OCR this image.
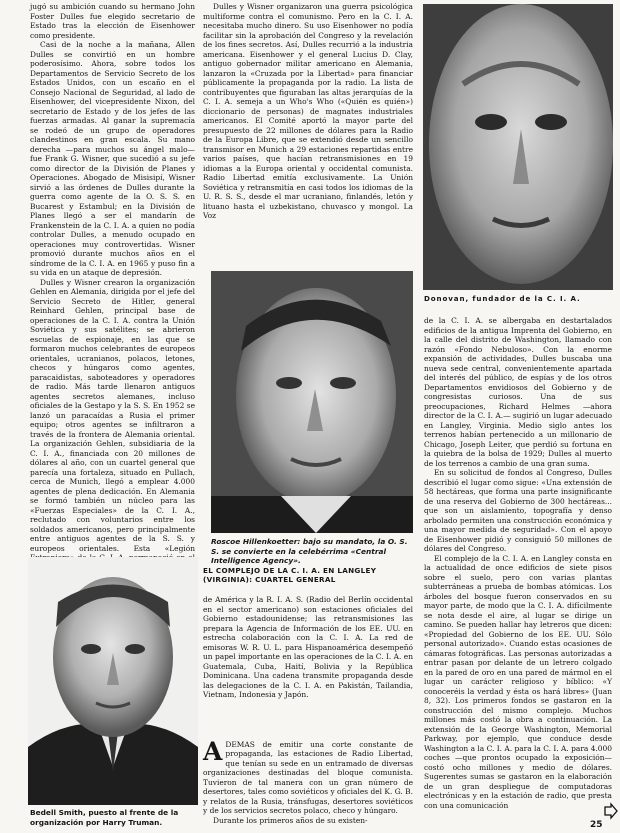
jugó su ambición cuando su hermano John Foster Dulles fue elegido secretario de Estado tras la elección de Eisenhower como presidente.

Casi de la noche a la mañana, Allen Dulles se convirtió en un hombre poderosísimo. Ahora, sobre todos los Departamentos de Servicio Secreto de los Estados Unidos, con un escaño en el Consejo Nacional de Seguridad, al lado de Eisenhower, del vicepresidente Nixon, del secretario de Estado y de los jefes de las fuerzas armadas. Al ganar la supremacía se rodeó de un grupo de operadores clandestinos en gran escala. Su mano derecha —para muchos su ángel malo— fue Frank G. Wisner, que sucedió a su jefe como director de la División de Planes y Operaciones. Abogado de Misisipí, Wisner sirvió a las órdenes de Dulles durante la guerra como agente de la O. S. S. en Bucarest y Estambul; en la División de Planes llegó a ser el mandarín de Frankenstein de la C. I. A. a quien no podía controlar Dulles, a menudo ocupado en operaciones muy controvertidas. Wisner promovió durante muchos años en el síndrome de la C. I. A. en 1965 y puso fin a su vida en un ataque de depresión.

Dulles y Wisner crearon la organización Gehlen en Alemania, dirigida por el jefe del Servicio Secreto de Hitler, general Reinhard Gehlen, principal base de operaciones de la C. I. A. contra la Unión Soviética y sus satélites; se abrieron escuelas de espionaje, en las que se formaron muchos celebrantes de europeos orientales, ucranianos, polacos, letones, checos y húngaros como agentes, paracaidistas, saboteadores y operadores de radio. Más tarde llenaron antiguos agentes secretos alemanes, incluso oficiales de la Gestapo y la S. S. En 1952 se lanzó un paracaídas a Rusia el primer equipo; otros agentes se infiltraron a través de la frontera de Alemania oriental. La organización Gehlen, subsidiaria de la C. I. A., financiada con 20 millones de dólares al año, con un cuartel general que parecía una fortaleza, situado en Pullach, cerca de Munich, llegó a emplear 4.000 agentes de plena dedicación. En Alemania se formó también un núcleo para las «Fuerzas Especiales» de la C. I. A., reclutado con voluntarios entre los soldados americanos, pero principalmente entre antiguos agentes de la S. S. y europeos orientales. Esta «Legión

Dulles y Wisner organizaron una guerra psicológica multiforme contra el comunismo. Pero en la C. I. A. necesitaba mucho dinero. Su uso Eisenhower no podía facilitar sin la aprobación del Congreso y la revelación de los fines secretos. Así, Dulles recurrió a la industria americana. Eisenhower y el general Lucius D. Clay, antiguo gobernador militar americano en Alemania, lanzaron la «Cruzada por la Libertad» para financiar públicamente la propaganda por la radio. La lista de contribuyentes que figuraban las altas jerarquías de la C. I. A. semeja a un Who's Who («Quién es quién») diccionario de personas) de magnates industriales americanos. El Comité aportó la mayor parte del presupuesto de 22 millones de dólares para la Radio de la Europa Libre, que se extendió desde un sencillo transmisor en Munich a 29 estaciones repartidas entre varios países, que hacían retransmisiones en 19 idiomas a la Europa oriental y occidental comunista. Radio Libertad emitía exclusivamente. La Unión Soviética y retransmitía en casi todos los idiomas de la U. R. S. S., desde el mar ucraniano, finlandés, letón y lituano hasta el uzbekistano, chuvasco y mongol. La Voz

Donovan, fundador de la C. I. A.
Roscoe Hillenkoetter: bajo su mandato, la O. S. S. se convierte en la celebérrima «Central Intelligence Agency».

de la C. I. A. se albergaba en destartalados edificios de la antigua Imprenta del Gobierno, en la calle del distrito de Washington, llamado con razón «Fondo Nebuloso». Con la enorme expansión de actividades, Dulles buscaba una nueva sede central, convenientemente apartada del interés del público, de espías y de los otros Departamentos envidiosos del Gobierno y de congresistas curiosos. Una de sus preocupaciones, Richard Helmes —ahora director de la C. I. A.— sugirió un lugar adecuado en Langley, Virginia. Medio siglo antes los terrenos habían pertenecido a un millonario de Chicago, Joseph Leiter, que perdió su fortuna en la quiebra de la bolsa de 1929; Dulles al muerto de los terrenos a cambio de una gran suma.

En su solicitud de fondos al Congreso, Dulles describió el lugar como sigue: «Una extensión de 58 hectáreas, que forma una parte insignificante de una reserva del Gobierno de 300 hectáreas... que son un aislamiento, topografía y denso arbolado permiten una construcción económica y una mayor medida de seguridad». Con el apoyo de Eisenhower pidió y consiguió 50 millones de dólares del Congreso.

El complejo de la C. I. A. en Langley consta en la actualidad de once edificios de siete pisos sobre el suelo, pero con varias plantas subterráneas a prueba de bombas atómicas. Los árboles del bosque fueron conservados en su mayor parte, de modo que la C. I. A. difícilmente se nota desde el aire, al lugar se dirige un camino. Se pueden hallar hay letreros que dicen: «Propiedad del Gobierno de los EE. UU. Sólo personal autorizado». Cuando estas ocasiones de cámaras fotográficas. Las personas autorizadas a entrar pasan por delante de un letrero colgado en la pared de oro en una pared de mármol en el lugar un carácter religioso y bíblico: «Y conoceréis la verdad y ésta os hará libres» (Juan 8, 32). Los primeros fondos se gastaron en la construcción del mismo complejo. Muchos millones más costó la obra a continuación. La extensión de la George Washington, Memorial Parkway, por ejemplo, que conduce desde Washington a la C. I. A. para la C. I. A. para 4.000 coches —que prontos ocupado la exposición— costó ocho millones y medio de dólares. Sugerentes sumas se gastaron en la elaboración de un gran despliegue de computadoras electrónicas y en la estación de radio, que presta con una comunicación

de América y la R. I. A. S. (Radio del Berlín occidental en el sector americano) son estaciones oficiales del Gobierno estadounidense; las retransmisiones las prepara la Agencia de Información de los EE. UU. en estrecha colaboración con la C. I. A. La red de emisoras W. R. U. L. para Hispanoamérica desempeñó un papel importante en las operaciones de la C. I. A. en Guatemala, Cuba, Haití, Bolivia y la República Dominicana. Una cadena transmite propaganda desde las delegaciones de la C. I. A. en Pakistán, Tailandia, Vietnam, Indonesia y Japón.

ADEMAS de emitir una corte constante de propaganda, las estaciones de Radio Libertad, que tenían su sede en un entramado de diversas organizaciones destinadas del bloque comunista. Tuvieron de tal manera con un gran número de desertores, tales como soviéticos y oficiales del K. G. B. y relatos de la Rusia, tránsfugas, desertores soviéticos y de los servicios secretos polaco, checo y húngaro.

Durante los primeros años de su existen-

EL COMPLEJO DE LA C. I. A. EN LANGLEY (VIRGINIA): CUARTEL GENERAL
Bedell Smith, puesto al frente de la organización por Harry Truman.	25
